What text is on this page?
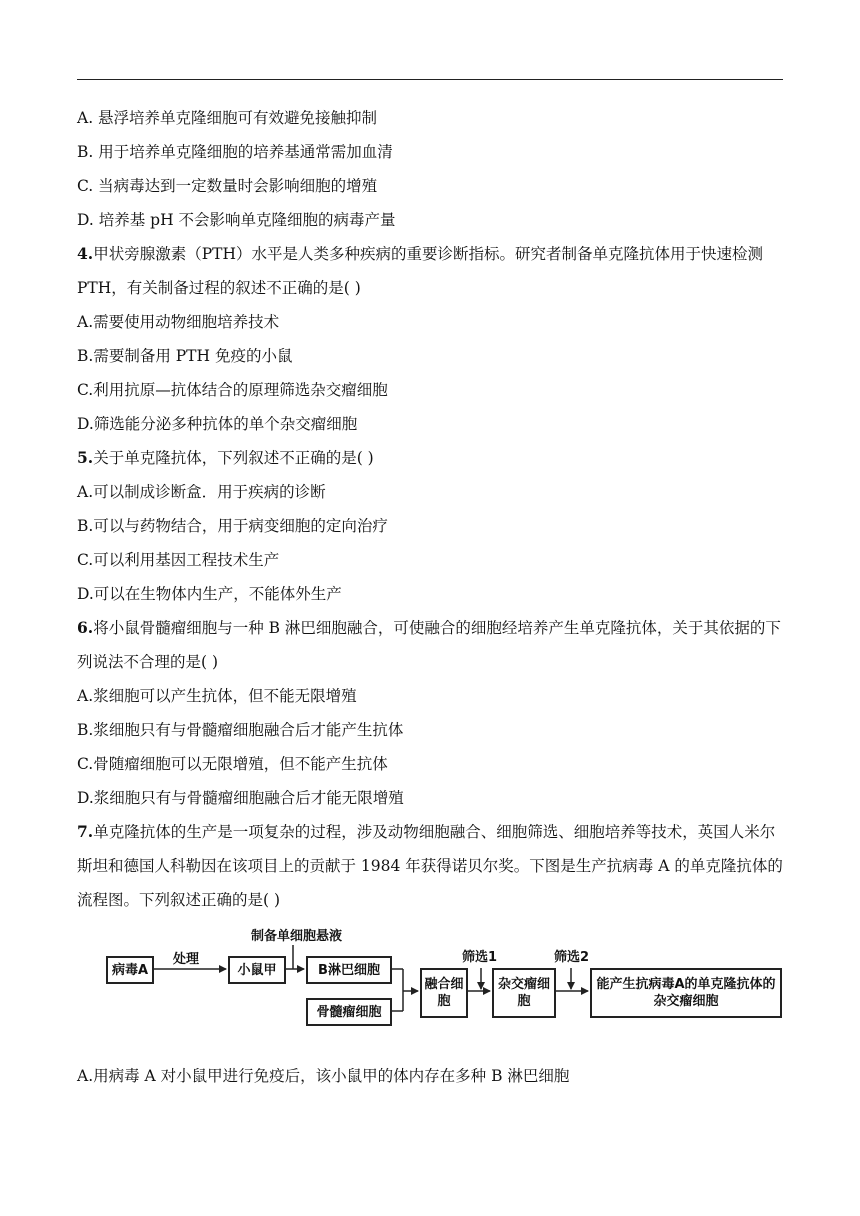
A. 悬浮培养单克隆细胞可有效避免接触抑制
B. 用于培养单克隆细胞的培养基通常需加血清
C. 当病毒达到一定数量时会影响细胞的增殖
D. 培养基 pH 不会影响单克隆细胞的病毒产量
4.甲状旁腺激素（PTH）水平是人类多种疾病的重要诊断指标。研究者制备单克隆抗体用于快速检测 PTH，有关制备过程的叙述不正确的是( )
A.需要使用动物细胞培养技术
B.需要制备用 PTH 免疫的小鼠
C.利用抗原—抗体结合的原理筛选杂交瘤细胞
D.筛选能分泌多种抗体的单个杂交瘤细胞
5.关于单克隆抗体，下列叙述不正确的是( )
A.可以制成诊断盒．用于疾病的诊断
B.可以与药物结合，用于病变细胞的定向治疗
C.可以利用基因工程技术生产
D.可以在生物体内生产，不能体外生产
6.将小鼠骨髓瘤细胞与一种 B 淋巴细胞融合，可使融合的细胞经培养产生单克隆抗体，关于其依据的下列说法不合理的是( )
A.浆细胞可以产生抗体，但不能无限增殖
B.浆细胞只有与骨髓瘤细胞融合后才能产生抗体
C.骨随瘤细胞可以无限增殖，但不能产生抗体
D.浆细胞只有与骨髓瘤细胞融合后才能无限增殖
7.单克隆抗体的生产是一项复杂的过程，涉及动物细胞融合、细胞筛选、细胞培养等技术，英国人米尔斯坦和德国人科勒因在该项目上的贡献于 1984 年获得诺贝尔奖。下图是生产抗病毒 A 的单克隆抗体的流程图。下列叙述正确的是( )
病毒A
处理
小鼠甲
制备单细胞悬液
B淋巴细胞
骨髓瘤细胞
融合细胞
筛选1
杂交瘤细胞
筛选2
能产生抗病毒A的单克隆抗体的杂交瘤细胞
A.用病毒 A 对小鼠甲进行免疫后，该小鼠甲的体内存在多种 B 淋巴细胞
